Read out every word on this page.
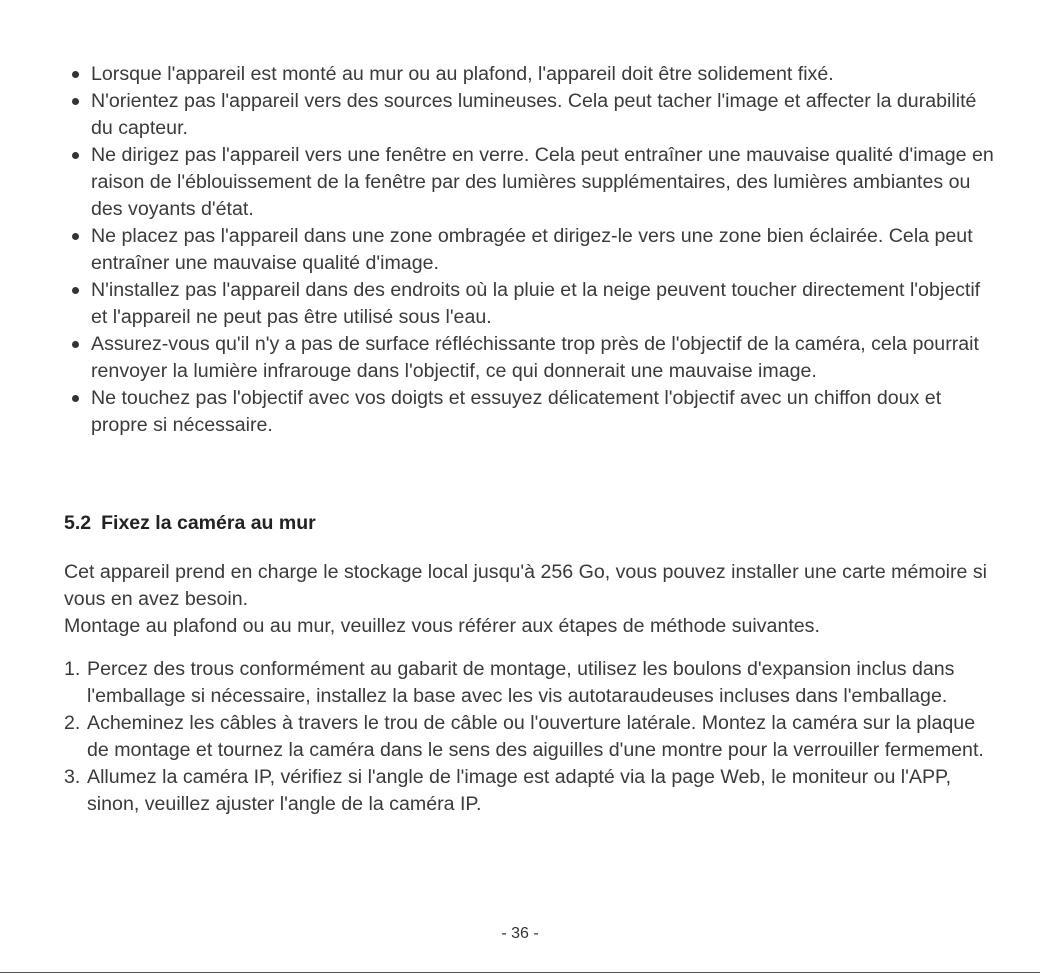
Lorsque l'appareil est monté au mur ou au plafond, l'appareil doit être solidement fixé.
N'orientez pas l'appareil vers des sources lumineuses. Cela peut tacher l'image et affecter la durabilité du capteur.
Ne dirigez pas l'appareil vers une fenêtre en verre. Cela peut entraîner une mauvaise qualité d'image en raison de l'éblouissement de la fenêtre par des lumières supplémentaires, des lumières ambiantes ou des voyants d'état.
Ne placez pas l'appareil dans une zone ombragée et dirigez-le vers une zone bien éclairée. Cela peut entraîner une mauvaise qualité d'image.
N'installez pas l'appareil dans des endroits où la pluie et la neige peuvent toucher directement l'objectif et l'appareil ne peut pas être utilisé sous l'eau.
Assurez-vous qu'il n'y a pas de surface réfléchissante trop près de l'objectif de la caméra, cela pourrait renvoyer la lumière infrarouge dans l'objectif, ce qui donnerait une mauvaise image.
Ne touchez pas l'objectif avec vos doigts et essuyez délicatement l'objectif avec un chiffon doux et propre si nécessaire.
5.2 Fixez la caméra au mur

Cet appareil prend en charge le stockage local jusqu'à 256 Go, vous pouvez installer une carte mémoire si vous en avez besoin.

Montage au plafond ou au mur, veuillez vous référer aux étapes de méthode suivantes.

1. Percez des trous conformément au gabarit de montage, utilisez les boulons d'expansion inclus dans l'emballage si nécessaire, installez la base avec les vis autotaraudeuses incluses dans l'emballage.
2. Acheminez les câbles à travers le trou de câble ou l'ouverture latérale. Montez la caméra sur la plaque de montage et tournez la caméra dans le sens des aiguilles d'une montre pour la verrouiller fermement.
3. Allumez la caméra IP, vérifiez si l'angle de l'image est adapté via la page Web, le moniteur ou l'APP, sinon, veuillez ajuster l'angle de la caméra IP.
- 36 -
